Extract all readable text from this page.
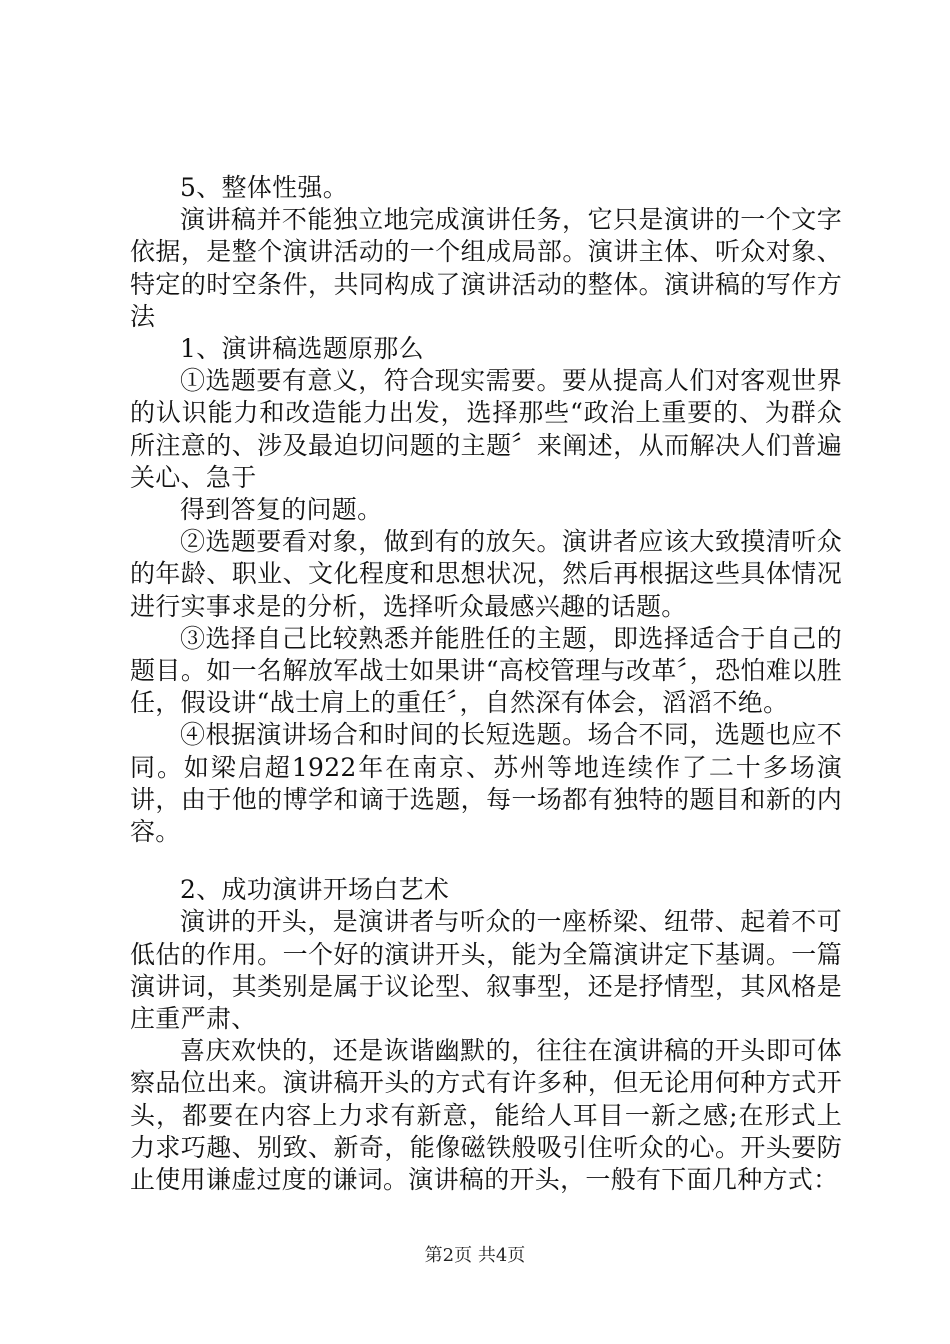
5、整体性强。

演讲稿并不能独立地完成演讲任务，它只是演讲的一个文字依据，是整个演讲活动的一个组成局部。演讲主体、听众对象、特定的时空条件，共同构成了演讲活动的整体。演讲稿的写作方法

1、演讲稿选题原那么

①选题要有意义，符合现实需要。要从提高人们对客观世界的认识能力和改造能力出发，选择那些“政治上重要的、为群众所注意的、涉及最迫切问题的主题〞来阐述，从而解决人们普遍关心、急于

得到答复的问题。

②选题要看对象，做到有的放矢。演讲者应该大致摸清听众的年龄、职业、文化程度和思想状况，然后再根据这些具体情况进行实事求是的分析，选择听众最感兴趣的话题。

③选择自己比较熟悉并能胜任的主题，即选择适合于自己的题目。如一名解放军战士如果讲“高校管理与改革〞，恐怕难以胜任，假设讲“战士肩上的重任〞，自然深有体会，滔滔不绝。

④根据演讲场合和时间的长短选题。场合不同，选题也应不同。如梁启超1922年在南京、苏州等地连续作了二十多场演讲，由于他的博学和谪于选题，每一场都有独特的题目和新的内容。

2、成功演讲开场白艺术

演讲的开头，是演讲者与听众的一座桥梁、纽带、起着不可低估的作用。一个好的演讲开头，能为全篇演讲定下基调。一篇演讲词，其类别是属于议论型、叙事型，还是抒情型，其风格是庄重严肃、

喜庆欢快的，还是诙谐幽默的，往往在演讲稿的开头即可体察品位出来。演讲稿开头的方式有许多种，但无论用何种方式开头，都要在内容上力求有新意，能给人耳目一新之感;在形式上力求巧趣、别致、新奇，能像磁铁般吸引住听众的心。开头要防止使用谦虚过度的谦词。演讲稿的开头，一般有下面几种方式：

第2页 共4页
